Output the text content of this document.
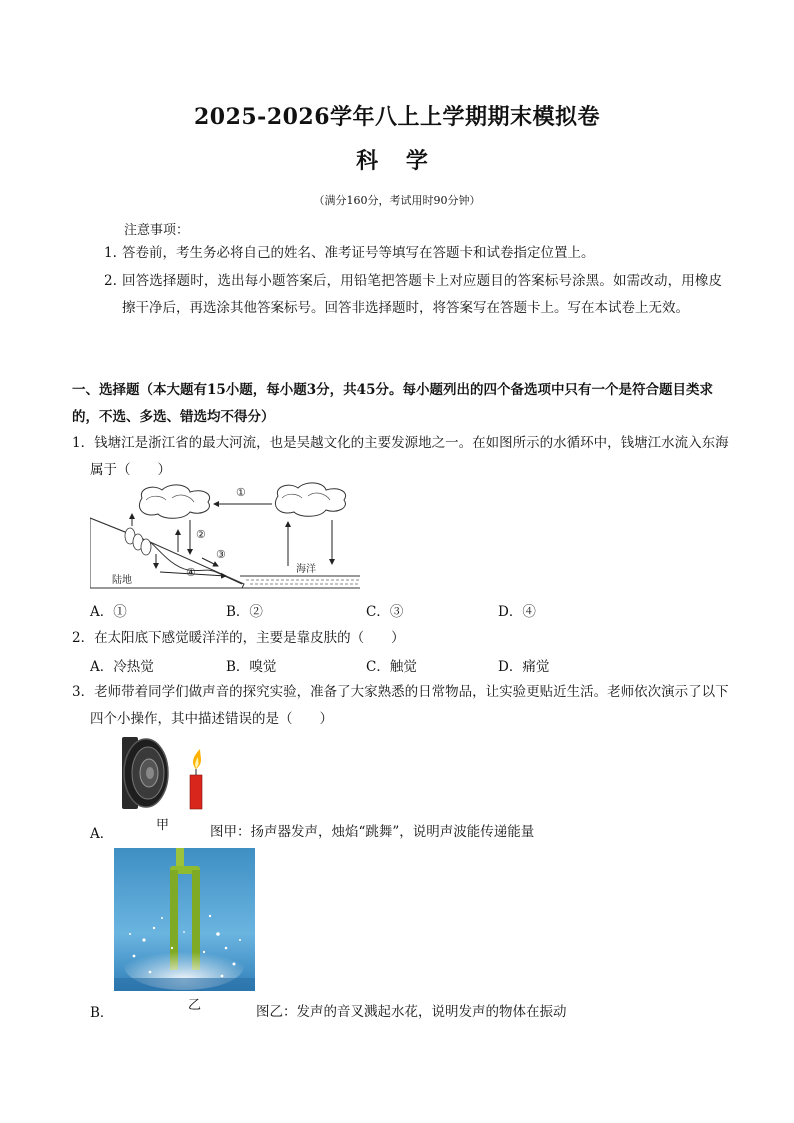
2025-2026学年八上上学期期末模拟卷
科 学
（满分160分，考试用时90分钟）
注意事项：
1. 答卷前，考生务必将自己的姓名、准考证号等填写在答题卡和试卷指定位置上。
2. 回答选择题时，选出每小题答案后，用铅笔把答题卡上对应题目的答案标号涂黑。如需改动，用橡皮擦干净后，再选涂其他答案标号。回答非选择题时，将答案写在答题卡上。写在本试卷上无效。
一、选择题（本大题有15小题，每小题3分，共45分。每小题列出的四个备选项中只有一个是符合题目类求的，不选、多选、错选均不得分）
1．钱塘江是浙江省的最大河流，也是吴越文化的主要发源地之一。在如图所示的水循环中，钱塘江水流入东海属于（　　）
①
②
③
④
陆地
海洋
A．①	B．②	C．③	D．④
2．在太阳底下感觉暖洋洋的，主要是靠皮肤的（　　）
A．冷热觉	B．嗅觉	C．触觉	D．痛觉
3．老师带着同学们做声音的探究实验，准备了大家熟悉的日常物品，让实验更贴近生活。老师依次演示了以下四个小操作，其中描述错误的是（　　）
甲
A．	图甲：扬声器发声，烛焰“跳舞”，说明声波能传递能量
乙
B．	图乙：发声的音叉溅起水花，说明发声的物体在振动
